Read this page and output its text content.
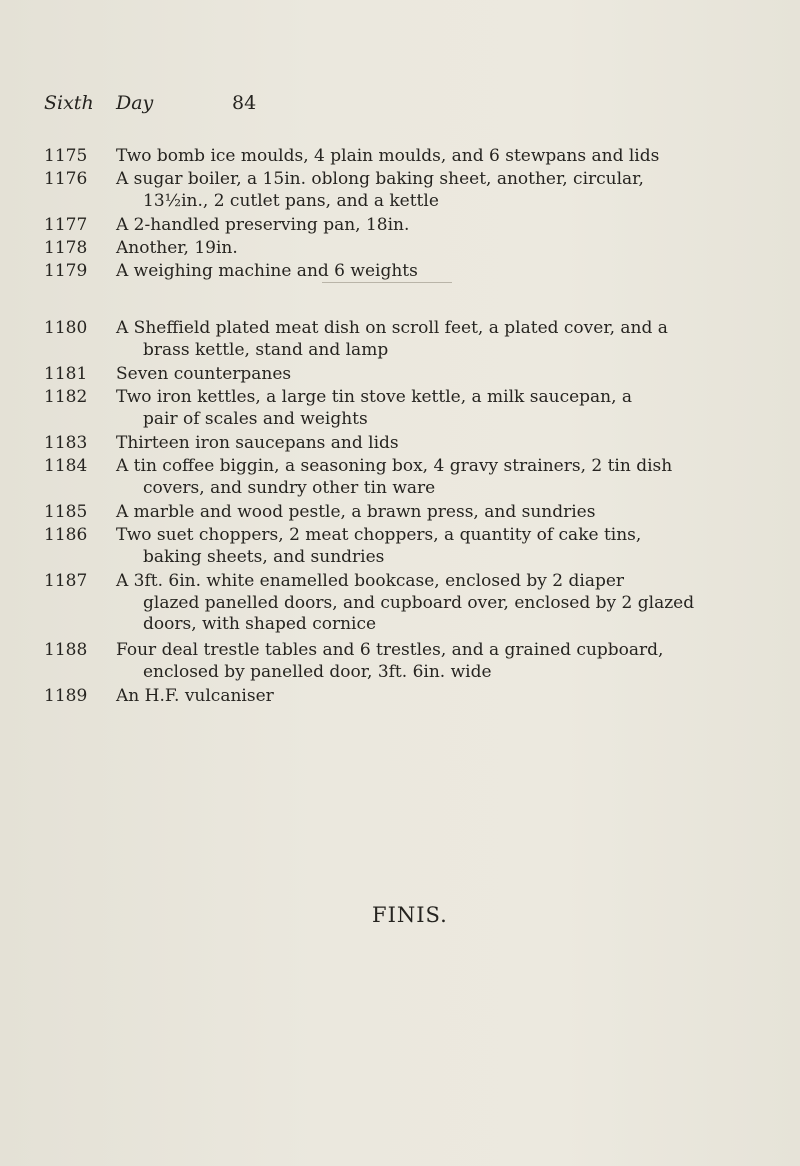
Sixth Day	84
1175	Two bomb ice moulds, 4 plain moulds, and 6 stewpans and lids
1176	A sugar boiler, a 15in. oblong baking sheet, another, circular,
13½in., 2 cutlet pans, and a kettle
1177	A 2-handled preserving pan, 18in.
1178	Another, 19in.
1179	A weighing machine and 6 weights
1180	A Sheffield plated meat dish on scroll feet, a plated cover, and a
brass kettle, stand and lamp
1181	Seven counterpanes
1182	Two iron kettles, a large tin stove kettle, a milk saucepan, a
pair of scales and weights
1183	Thirteen iron saucepans and lids
1184	A tin coffee biggin, a seasoning box, 4 gravy strainers, 2 tin dish
covers, and sundry other tin ware
1185	A marble and wood pestle, a brawn press, and sundries
1186	Two suet choppers, 2 meat choppers, a quantity of cake tins,
baking sheets, and sundries
1187	A 3ft. 6in. white enamelled bookcase, enclosed by 2 diaper
glazed panelled doors, and cupboard over, enclosed by 2 glazed
doors, with shaped cornice
1188	Four deal trestle tables and 6 trestles, and a grained cupboard,
enclosed by panelled door, 3ft. 6in. wide
1189	An H.F. vulcaniser
FINIS.
